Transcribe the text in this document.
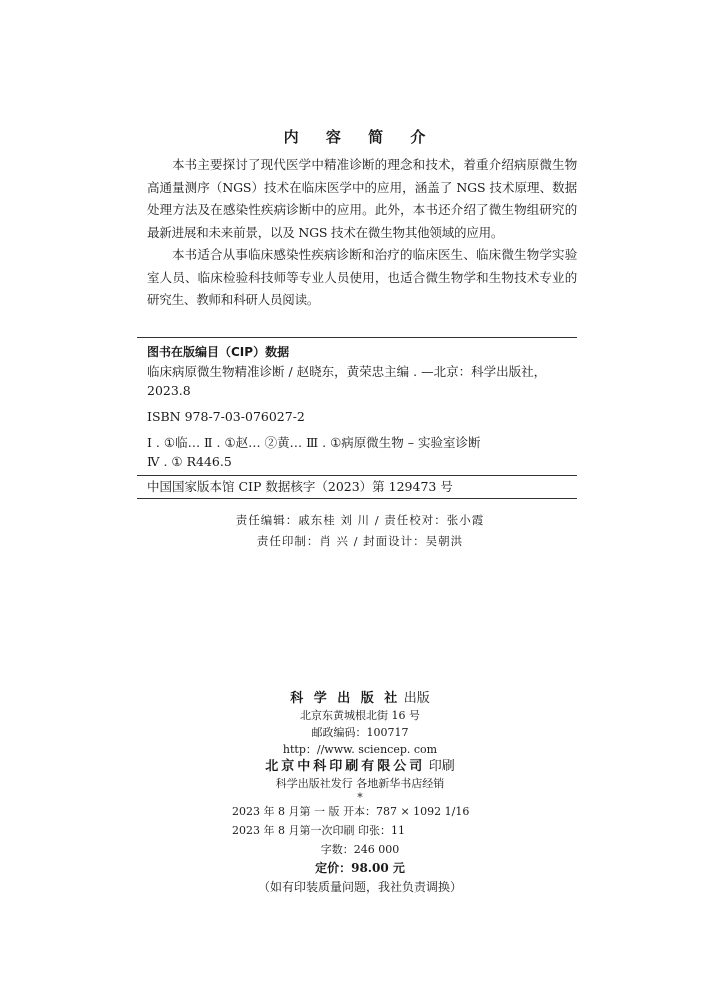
内 容 简 介

本书主要探讨了现代医学中精准诊断的理念和技术，着重介绍病原微生物高通量测序（NGS）技术在临床医学中的应用，涵盖了 NGS 技术原理、数据处理方法及在感染性疾病诊断中的应用。此外，本书还介绍了微生物组研究的最新进展和未来前景，以及 NGS 技术在微生物其他领域的应用。

本书适合从事临床感染性疾病诊断和治疗的临床医生、临床微生物学实验室人员、临床检验科技师等专业人员使用，也适合微生物学和生物技术专业的研究生、教师和科研人员阅读。

图书在版编目（CIP）数据
临床病原微生物精准诊断 / 赵晓东，黄荣忠主编 . —北京：科学出版社，
2023.8
ISBN 978-7-03-076027-2
Ⅰ . ①临… Ⅱ . ①赵… ②黄… Ⅲ . ①病原微生物 – 实验室诊断
Ⅳ . ① R446.5
中国国家版本馆 CIP 数据核字（2023）第 129473 号
责任编辑：戚东桂 刘 川 / 责任校对：张小霞
责任印制：肖 兴 / 封面设计：吴朝洪
科 学 出 版 社 出版
北京东黄城根北街 16 号
邮政编码：100717
http：//www. sciencep. com
北京中科印刷有限公司 印刷
科学出版社发行 各地新华书店经销
*
2023 年 8 月第 一 版 开本：787 × 1092 1/16
2023 年 8 月第一次印刷 印张：11
字数：246 000
定价：98.00 元
（如有印装质量问题，我社负责调换）
